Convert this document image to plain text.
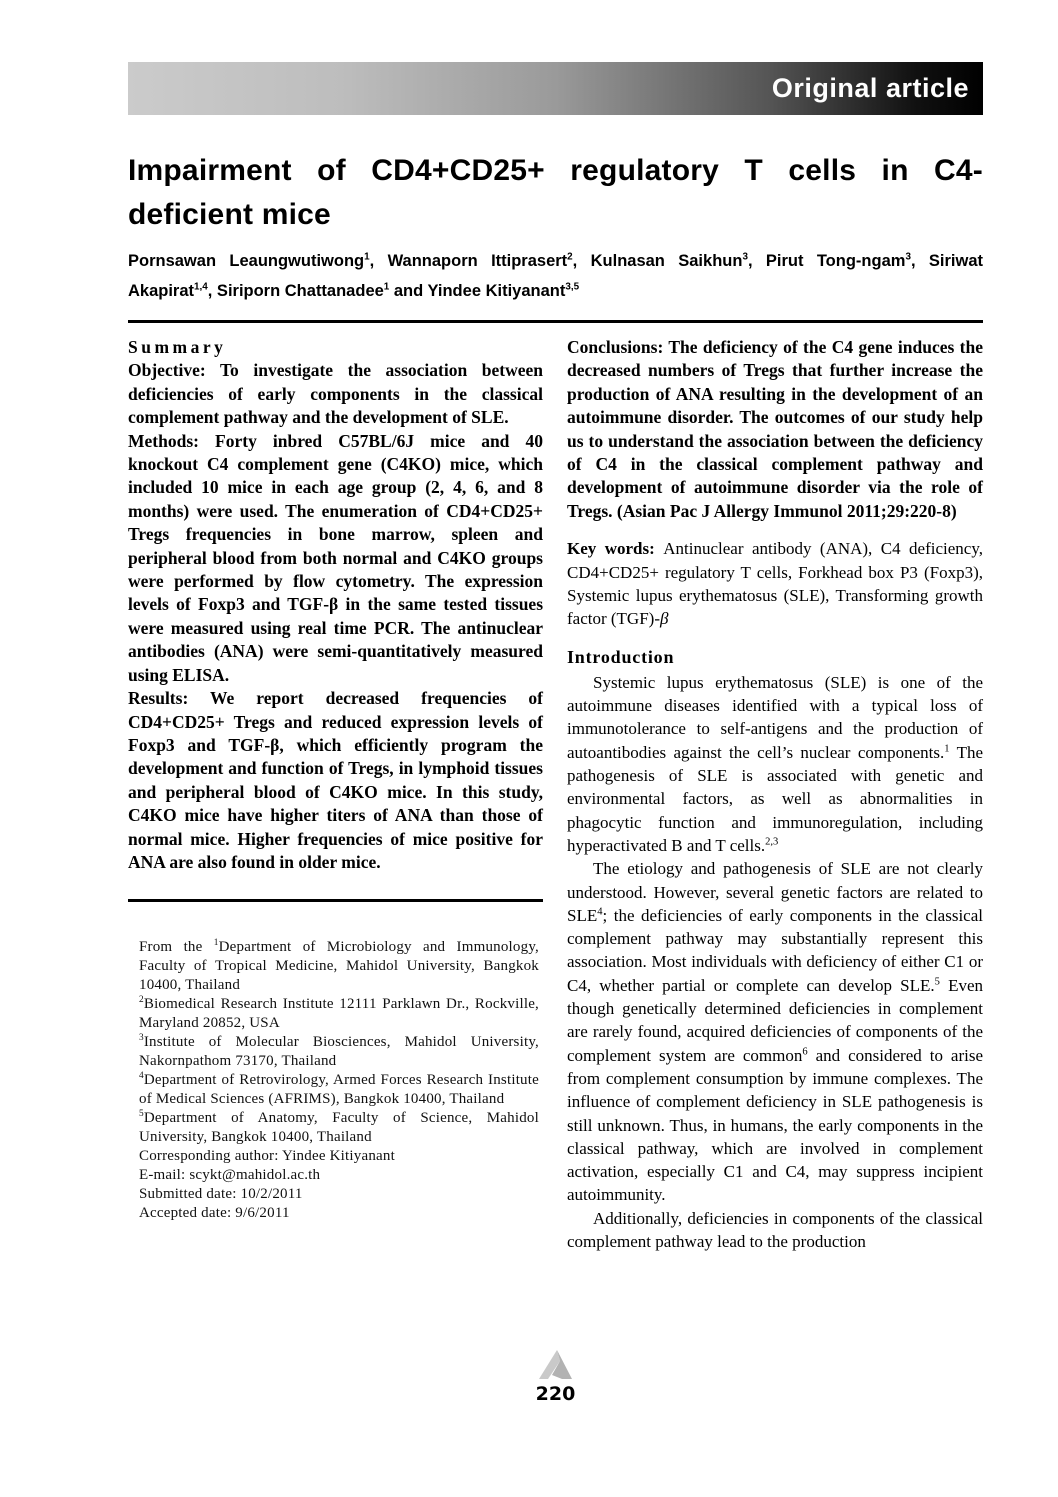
Original article
Impairment of CD4+CD25+ regulatory T cells in C4-deficient mice

Pornsawan Leaungwutiwong$^1$, Wannaporn Ittiprasert$^2$, Kulnasan Saikhun$^3$, Pirut Tong-ngam$^3$, Siriwat Akapirat$^{1,4}$, Siriporn Chattanadee$^1$ and Yindee Kitiyanant$^{3,5}$

Summary

Objective: To investigate the association between deficiencies of early components in the classical complement pathway and the development of SLE.

Methods: Forty inbred C57BL/6J mice and 40 knockout C4 complement gene (C4KO) mice, which included 10 mice in each age group (2, 4, 6, and 8 months) were used. The enumeration of CD4+CD25+ Tregs frequencies in bone marrow, spleen and peripheral blood from both normal and C4KO groups were performed by flow cytometry. The expression levels of Foxp3 and TGF-β in the same tested tissues were measured using real time PCR. The antinuclear antibodies (ANA) were semi-quantitatively measured using ELISA.

Results: We report decreased frequencies of CD4+CD25+ Tregs and reduced expression levels of Foxp3 and TGF-β, which efficiently program the development and function of Tregs, in lymphoid tissues and peripheral blood of C4KO mice. In this study, C4KO mice have higher titers of ANA than those of normal mice. Higher frequencies of mice positive for ANA are also found in older mice.

From the $^1$Department of Microbiology and Immunology, Faculty of Tropical Medicine, Mahidol University, Bangkok 10400, Thailand
$^2$Biomedical Research Institute 12111 Parklawn Dr., Rockville, Maryland 20852, USA
$^3$Institute of Molecular Biosciences, Mahidol University, Nakornpathom 73170, Thailand
$^4$Department of Retrovirology, Armed Forces Research Institute of Medical Sciences (AFRIMS), Bangkok 10400, Thailand
$^5$Department of Anatomy, Faculty of Science, Mahidol University, Bangkok 10400, Thailand
Corresponding author: Yindee Kitiyanant
E-mail: scykt@mahidol.ac.th
Submitted date: 10/2/2011
Accepted date: 9/6/2011

Conclusions: The deficiency of the C4 gene induces the decreased numbers of Tregs that further increase the production of ANA resulting in the development of an autoimmune disorder. The outcomes of our study help us to understand the association between the deficiency of C4 in the classical complement pathway and development of autoimmune disorder via the role of Tregs. (Asian Pac J Allergy Immunol 2011;29:220-8)

Key words: Antinuclear antibody (ANA), C4 deficiency, CD4+CD25+ regulatory T cells, Forkhead box P3 (Foxp3), Systemic lupus erythematosus (SLE), Transforming growth factor (TGF)-β

Introduction

Systemic lupus erythematosus (SLE) is one of the autoimmune diseases identified with a typical loss of immunotolerance to self-antigens and the production of autoantibodies against the cell’s nuclear components.$^1$ The pathogenesis of SLE is associated with genetic and environmental factors, as well as abnormalities in phagocytic function and immunoregulation, including hyperactivated B and T cells.$^{2,3}$

The etiology and pathogenesis of SLE are not clearly understood. However, several genetic factors are related to SLE$^4$; the deficiencies of early components in the classical complement pathway may substantially represent this association. Most individuals with deficiency of either C1 or C4, whether partial or complete can develop SLE.$^5$ Even though genetically determined deficiencies in complement are rarely found, acquired deficiencies of components of the complement system are common$^6$ and considered to arise from complement consumption by immune complexes. The influence of complement deficiency in SLE pathogenesis is still unknown. Thus, in humans, the early components in the classical pathway, which are involved in complement activation, especially C1 and C4, may suppress incipient autoimmunity.

Additionally, deficiencies in components of the classical complement pathway lead to the production

220
